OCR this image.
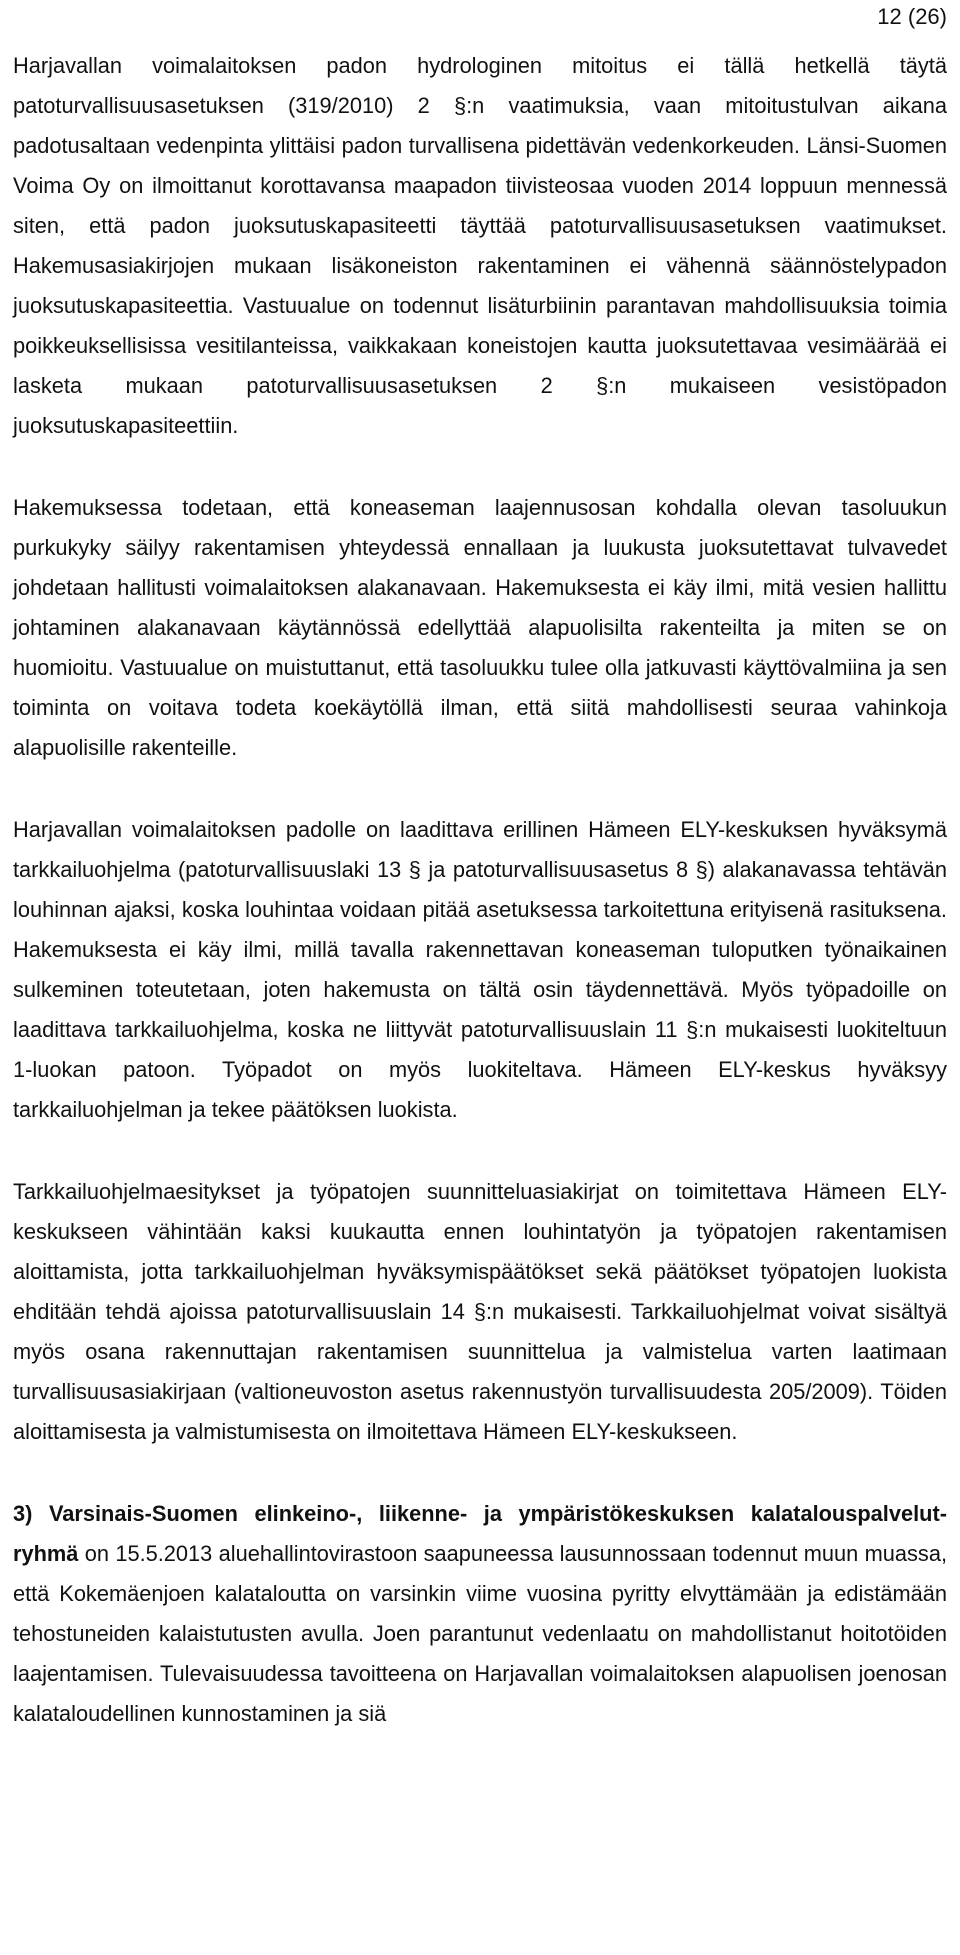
12 (26)

Harjavallan voimalaitoksen padon hydrologinen mitoitus ei tällä hetkellä täytä patoturvallisuusasetuksen (319/2010) 2 §:n vaatimuksia, vaan mitoitustulvan aikana padotusaltaan vedenpinta ylittäisi padon turvallisena pidettävän vedenkorkeuden. Länsi-Suomen Voima Oy on ilmoittanut korottavansa maapadon tiivisteosaa vuoden 2014 loppuun mennessä siten, että padon juoksutuskapasiteetti täyttää patoturvallisuusasetuksen vaatimukset. Hakemusasiakirjojen mukaan lisäkoneiston rakentaminen ei vähennä säännöstelypadon juoksutuskapasiteettia. Vastuualue on todennut lisäturbiinin parantavan mahdollisuuksia toimia poikkeuksellisissa vesitilanteissa, vaikkakaan koneistojen kautta juoksutettavaa vesimäärää ei lasketa mukaan patoturvallisuusasetuksen 2 §:n mukaiseen vesistöpadon juoksutuskapasiteettiin.

Hakemuksessa todetaan, että koneaseman laajennusosan kohdalla olevan tasoluukun purkukyky säilyy rakentamisen yhteydessä ennallaan ja luukusta juoksutettavat tulvavedet johdetaan hallitusti voimalaitoksen alakanavaan. Hakemuksesta ei käy ilmi, mitä vesien hallittu johtaminen alakanavaan käytännössä edellyttää alapuolisilta rakenteilta ja miten se on huomioitu. Vastuualue on muistuttanut, että tasoluukku tulee olla jatkuvasti käyttövalmiina ja sen toiminta on voitava todeta koekäytöllä ilman, että siitä mahdollisesti seuraa vahinkoja alapuolisille rakenteille.

Harjavallan voimalaitoksen padolle on laadittava erillinen Hämeen ELY-keskuksen hyväksymä tarkkailuohjelma (patoturvallisuuslaki 13 § ja patoturvallisuusasetus 8 §) alakanavassa tehtävän louhinnan ajaksi, koska louhintaa voidaan pitää asetuksessa tarkoitettuna erityisenä rasituksena. Hakemuksesta ei käy ilmi, millä tavalla rakennettavan koneaseman tuloputken työnaikainen sulkeminen toteutetaan, joten hakemusta on tältä osin täydennettävä. Myös työpadoille on laadittava tarkkailuohjelma, koska ne liittyvät patoturvallisuuslain 11 §:n mukaisesti luokiteltuun 1-luokan patoon. Työpadot on myös luokiteltava. Hämeen ELY-keskus hyväksyy tarkkailuohjelman ja tekee päätöksen luokista.

Tarkkailuohjelmaesitykset ja työpatojen suunnitteluasiakirjat on toimitettava Hämeen ELY-keskukseen vähintään kaksi kuukautta ennen louhintatyön ja työpatojen rakentamisen aloittamista, jotta tarkkailuohjelman hyväksymispäätökset sekä päätökset työpatojen luokista ehditään tehdä ajoissa patoturvallisuuslain 14 §:n mukaisesti. Tarkkailuohjelmat voivat sisältyä myös osana rakennuttajan rakentamisen suunnittelua ja valmistelua varten laatimaan turvallisuusasiakirjaan (valtioneuvoston asetus rakennustyön turvallisuudesta 205/2009). Töiden aloittamisesta ja valmistumisesta on ilmoitettava Hämeen ELY-keskukseen.

3) Varsinais-Suomen elinkeino-, liikenne- ja ympäristökeskuksen kalatalouspalvelut-ryhmä on 15.5.2013 aluehallintovirastoon saapuneessa lausunnossaan todennut muun muassa, että Kokemäenjoen kalataloutta on varsinkin viime vuosina pyritty elvyttämään ja edistämään tehostuneiden kalaistutusten avulla. Joen parantunut vedenlaatu on mahdollistanut hoitotöiden laajentamisen. Tulevaisuudessa tavoitteena on Harjavallan voimalaitoksen alapuolisen joenosan kalataloudellinen kunnostaminen ja siä
